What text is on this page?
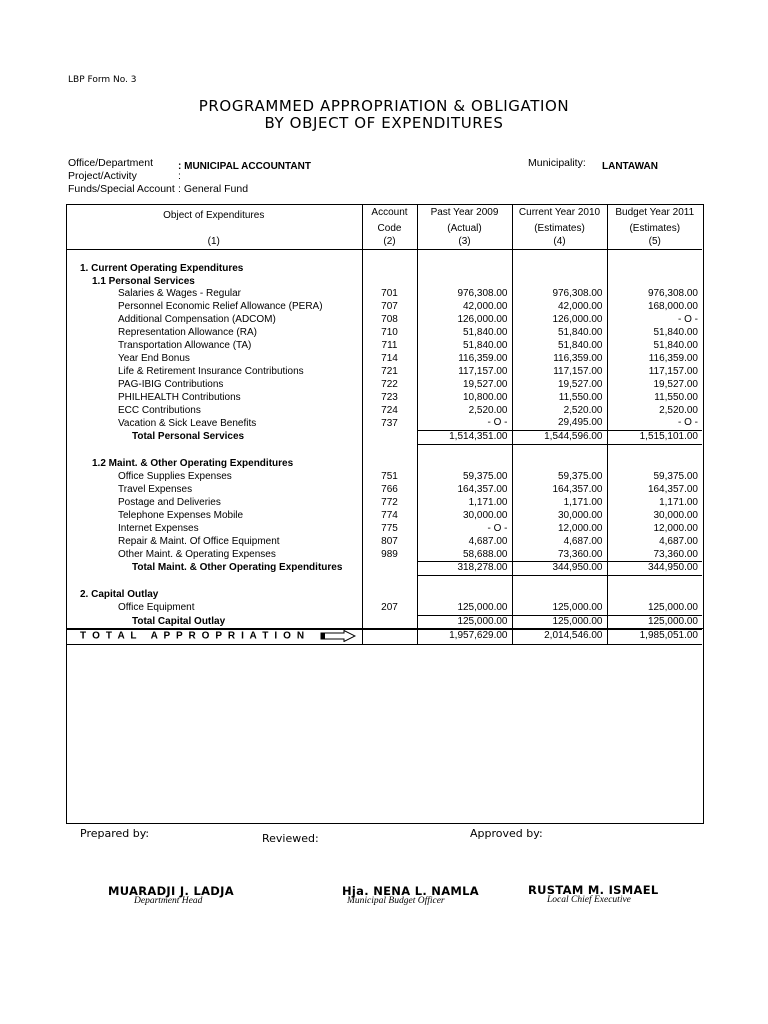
LBP Form No. 3
PROGRAMMED APPROPRIATION & OBLIGATION
BY OBJECT OF EXPENDITURES
Office/Department : MUNICIPAL ACCOUNTANT
Project/Activity	:
Funds/Special Account : General Fund
Municipality: LANTAWAN
Object of Expenditures	Account	Past Year 2009	Current Year 2010	Budget Year 2011
	Code	(Actual)	(Estimates)	(Estimates)
(1)	(2)	(3)	(4)	(5)

1. Current Operating Expenditures				
1.1 Personal Services				
Salaries & Wages - Regular	701	976,308.00	976,308.00	976,308.00
Personnel Economic Relief Allowance (PERA)	707	42,000.00	42,000.00	168,000.00
Additional Compensation (ADCOM)	708	126,000.00	126,000.00	- O -
Representation Allowance (RA)	710	51,840.00	51,840.00	51,840.00
Transportation Allowance (TA)	711	51,840.00	51,840.00	51,840.00
Year End Bonus	714	116,359.00	116,359.00	116,359.00
Life & Retirement Insurance Contributions	721	117,157.00	117,157.00	117,157.00
PAG-IBIG Contributions	722	19,527.00	19,527.00	19,527.00
PHILHEALTH Contributions	723	10,800.00	11,550.00	11,550.00
ECC Contributions	724	2,520.00	2,520.00	2,520.00
Vacation & Sick Leave Benefits	737	- O -	29,495.00	- O -
Total Personal Services		1,514,351.00	1,544,596.00	1,515,101.00

1.2 Maint. & Other Operating Expenditures				
Office Supplies Expenses	751	59,375.00	59,375.00	59,375.00
Travel Expenses	766	164,357.00	164,357.00	164,357.00
Postage and Deliveries	772	1,171.00	1,171.00	1,171.00
Telephone Expenses Mobile	774	30,000.00	30,000.00	30,000.00
Internet Expenses	775	- O -	12,000.00	12,000.00
Repair & Maint. Of Office Equipment	807	4,687.00	4,687.00	4,687.00
Other Maint. & Operating Expenses	989	58,688.00	73,360.00	73,360.00
Total Maint. & Other Operating Expenditures		318,278.00	344,950.00	344,950.00

2. Capital Outlay				
Office Equipment	207	125,000.00	125,000.00	125,000.00
Total Capital Outlay		125,000.00	125,000.00	125,000.00
T O T A L   A P P R O P R I A T I O N		1,957,629.00	2,014,546.00	1,985,051.00
Prepared by:	Reviewed:	Approved by:
MUARADJI J. LADJA
Department Head
Hja. NENA L. NAMLA
Municipal Budget Officer
RUSTAM M. ISMAEL
Local Chief Executive
